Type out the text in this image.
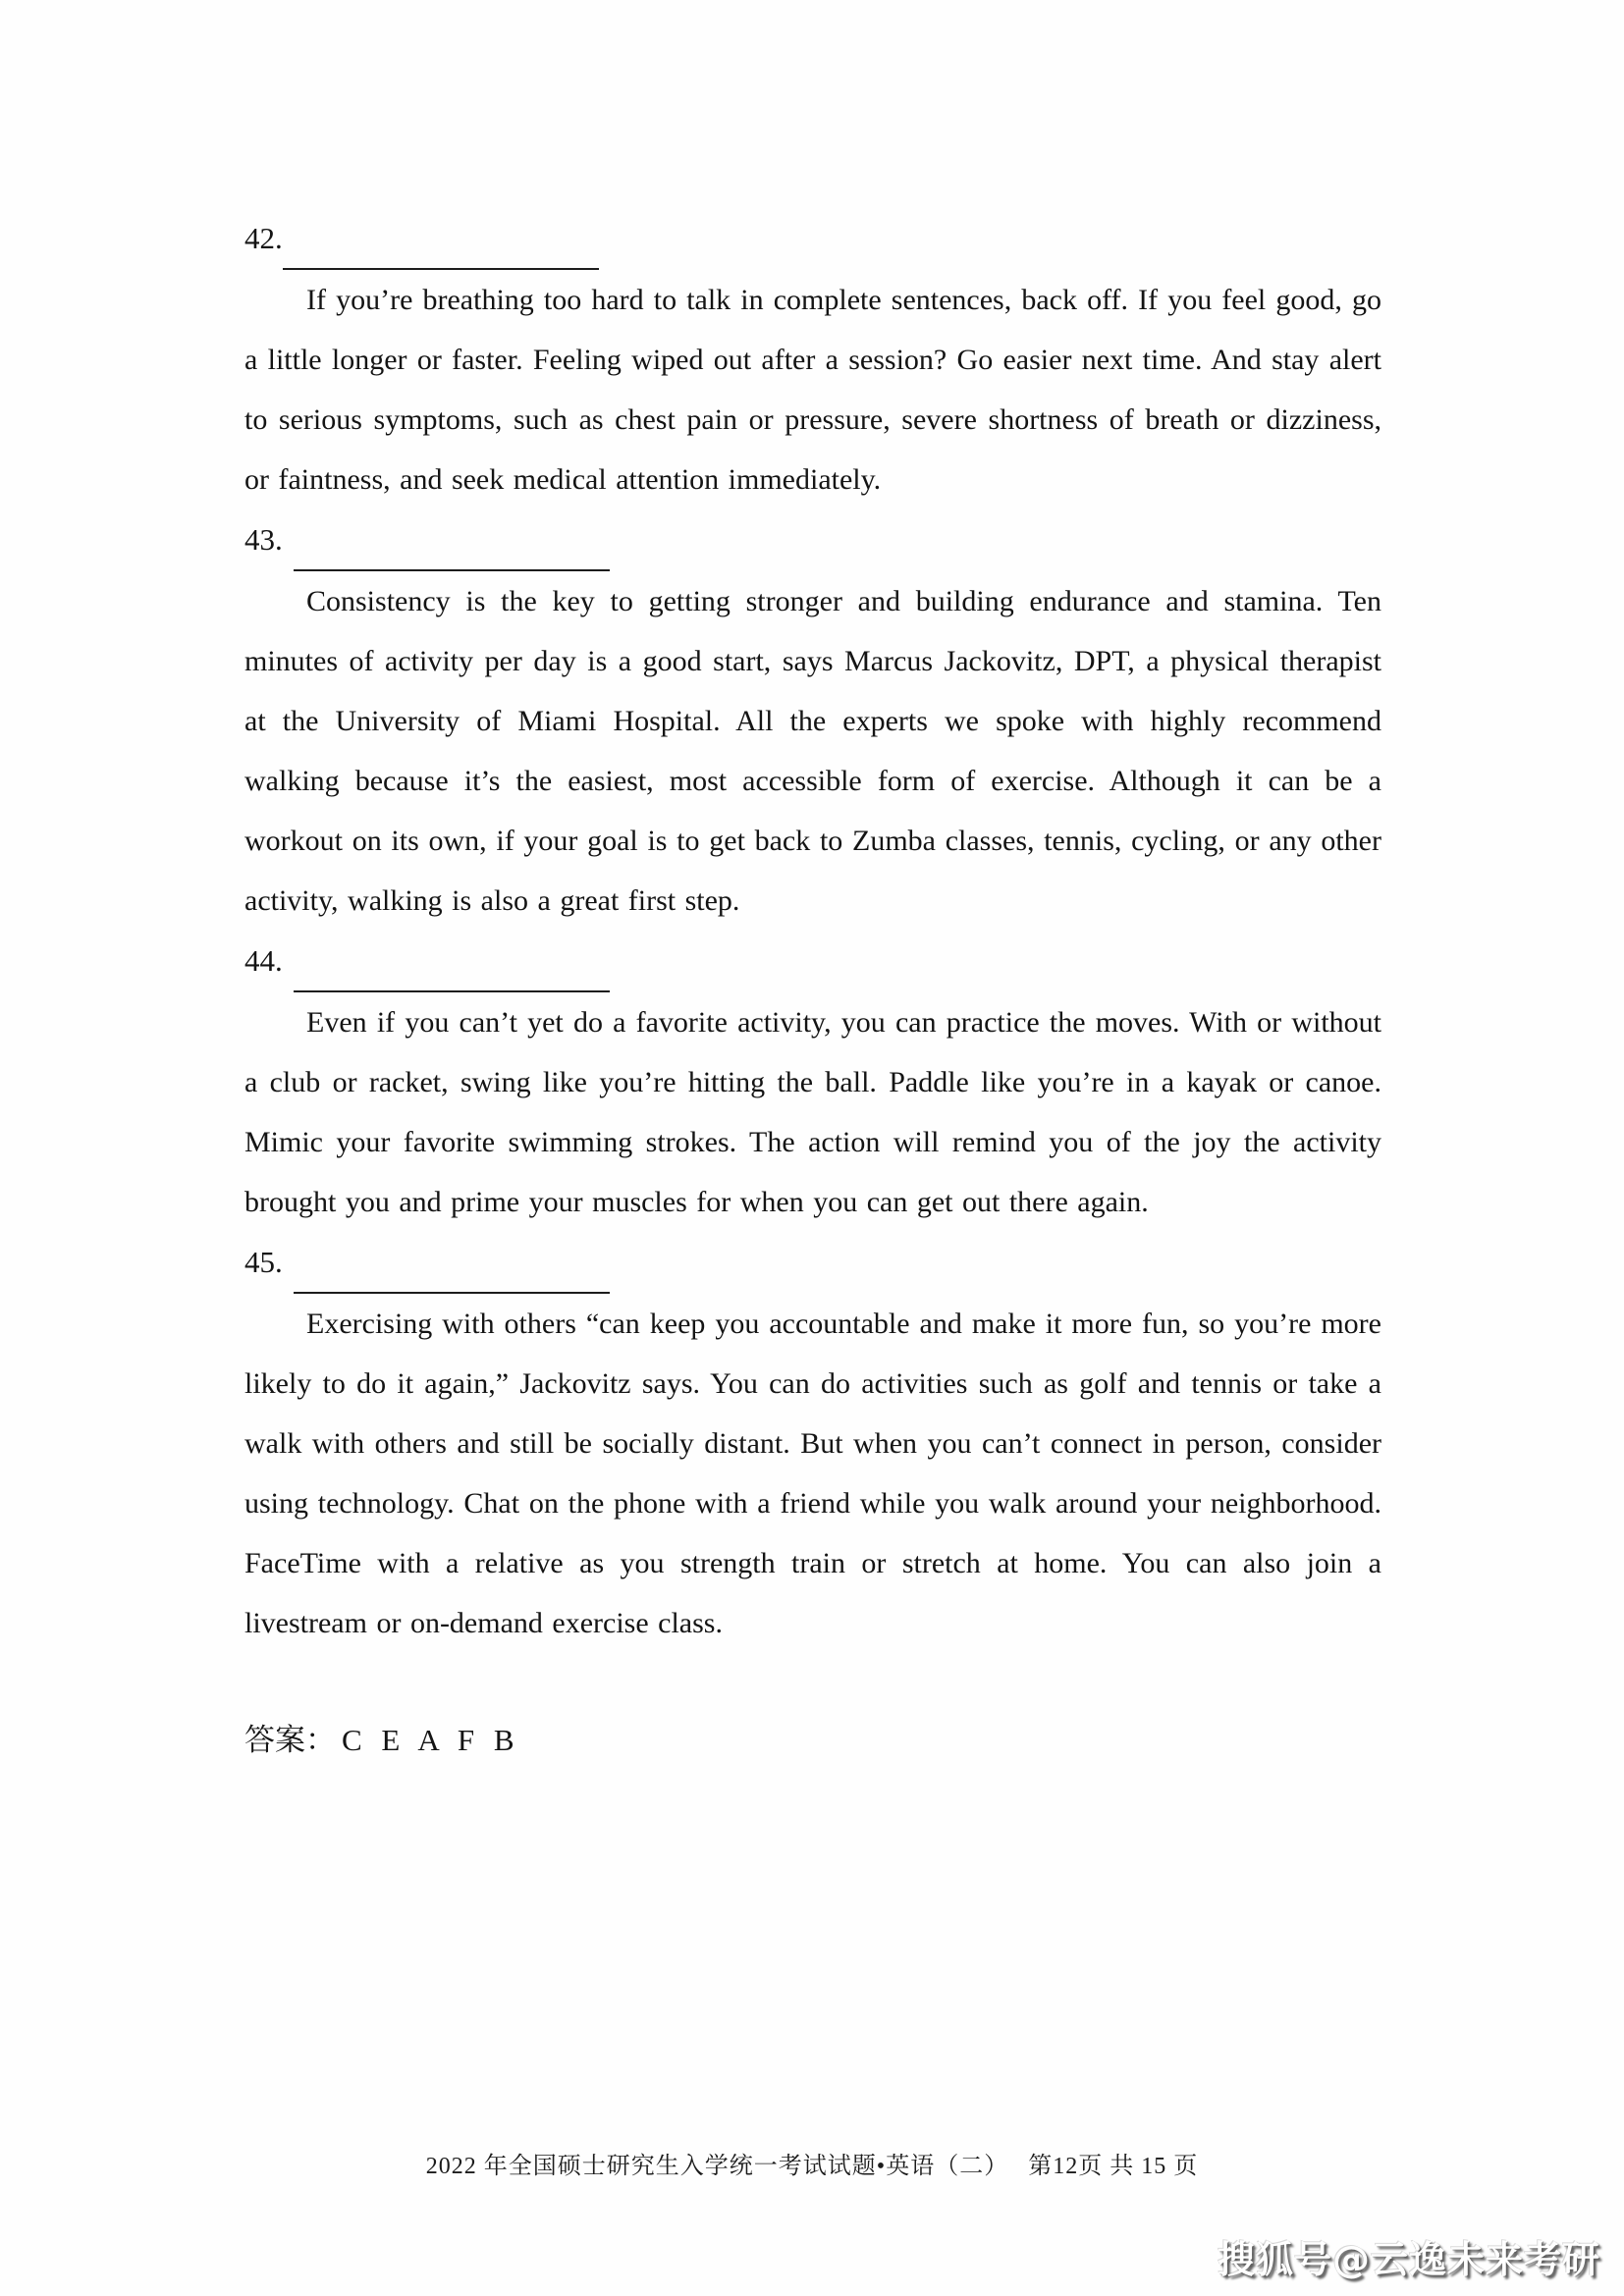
42.

If you’re breathing too hard to talk in complete sentences, back off. If you feel good, go a little longer or faster. Feeling wiped out after a session? Go easier next time. And stay alert to serious symptoms, such as chest pain or pressure, severe shortness of breath or dizziness, or faintness, and seek medical attention immediately.

43.

Consistency is the key to getting stronger and building endurance and stamina. Ten minutes of activity per day is a good start, says Marcus Jackovitz, DPT, a physical therapist at the University of Miami Hospital. All the experts we spoke with highly recommend walking because it’s the easiest, most accessible form of exercise. Although it can be a workout on its own, if your goal is to get back to Zumba classes, tennis, cycling, or any other activity, walking is also a great first step.

44.

Even if you can’t yet do a favorite activity, you can practice the moves. With or without a club or racket, swing like you’re hitting the ball. Paddle like you’re in a kayak or canoe. Mimic your favorite swimming strokes. The action will remind you of the joy the activity brought you and prime your muscles for when you can get out there again.

45.

Exercising with others “can keep you accountable and make it more fun, so you’re more likely to do it again,” Jackovitz says. You can do activities such as golf and tennis or take a walk with others and still be socially distant. But when you can’t connect in person, consider using technology. Chat on the phone with a friend while you walk around your neighborhood. FaceTime with a relative as you strength train or stretch at home. You can also join a livestream or on-demand exercise class.

答案： C E A F B
2022 年全国硕士研究生入学统一考试试题•英语（二）　 第12页 共 15 页
搜狐号@云逸未来考研
